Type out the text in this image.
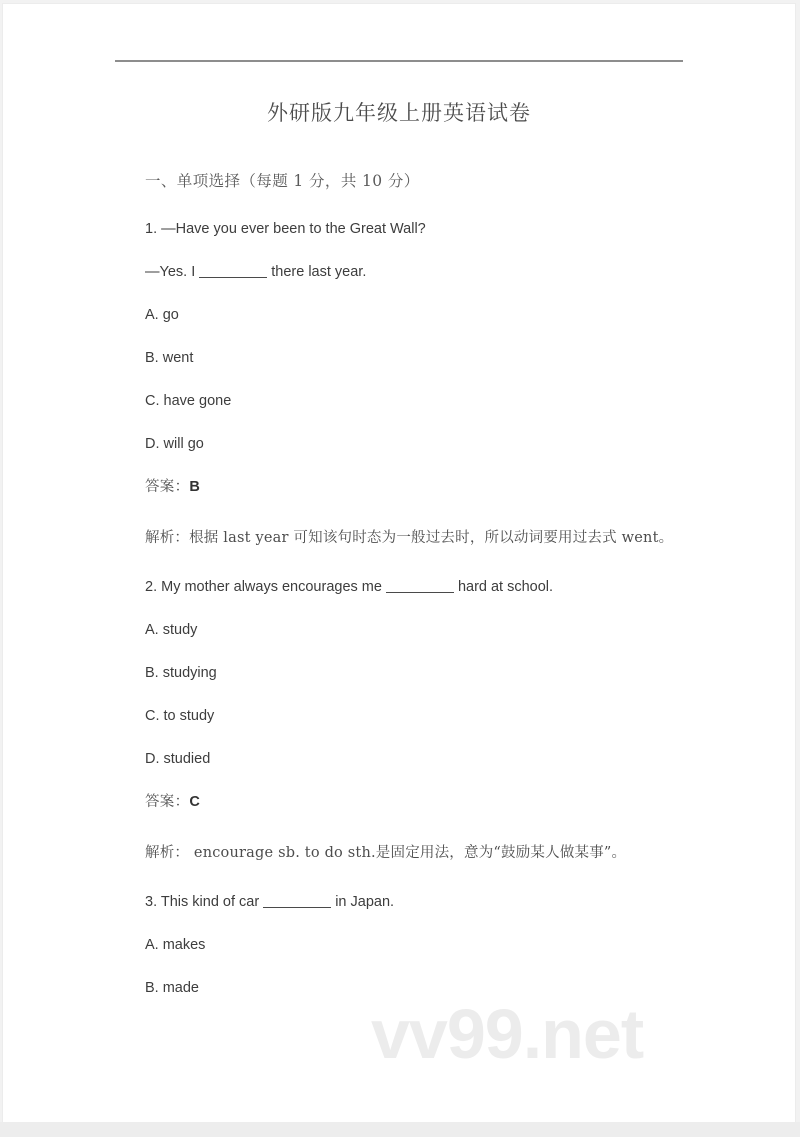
外研版九年级上册英语试卷
一、单项选择（每题 1 分，共 10 分）
1. —Have you ever been to the Great Wall?
—Yes. I	there last year.
A. go
B. went
C. have gone
D. will go
答案：B
解析：根据 last year 可知该句时态为一般过去时，所以动词要用过去式 went。
2. My mother always encourages me	hard at school.
A. study
B. studying
C. to study
D. studied
答案：C
解析： encourage sb. to do sth.是固定用法，意为“鼓励某人做某事”。
3. This kind of car	in Japan.
A. makes
B. made
vv99.net
